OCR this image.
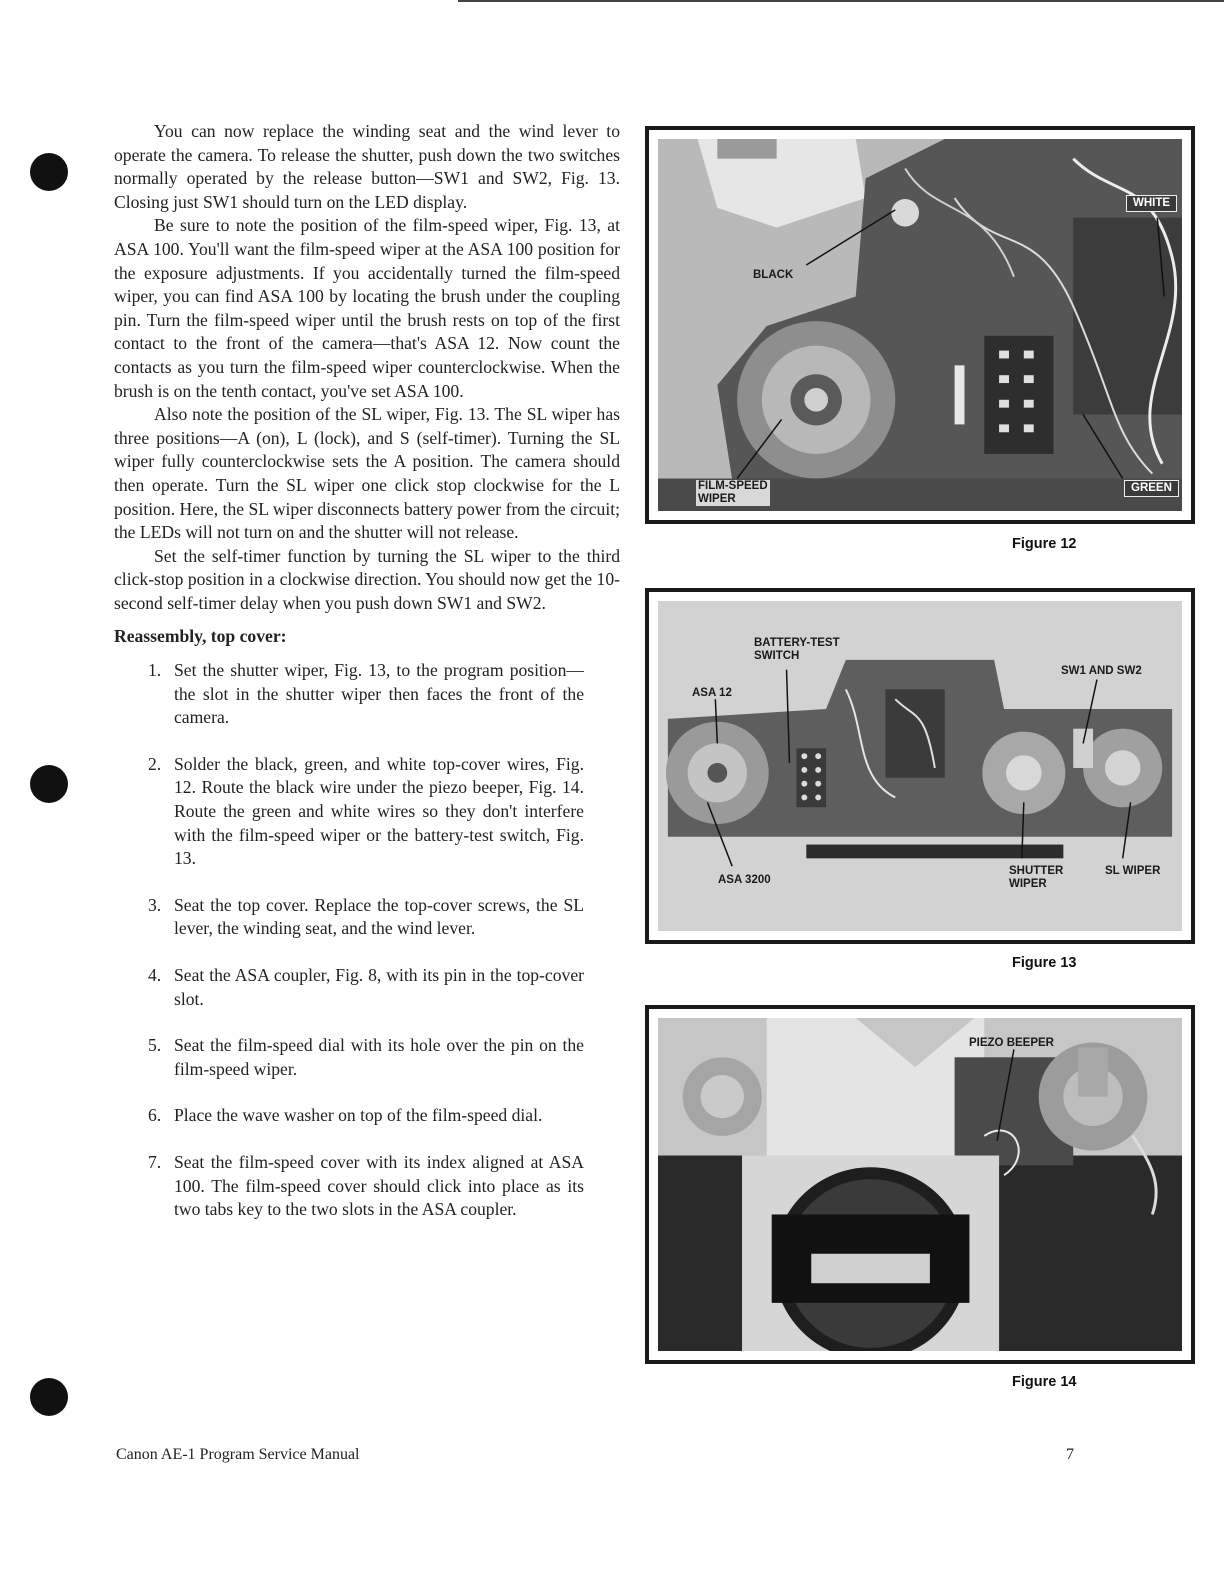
You can now replace the winding seat and the wind lever to operate the camera. To release the shutter, push down the two switches normally operated by the release button—SW1 and SW2, Fig. 13. Closing just SW1 should turn on the LED display.

Be sure to note the position of the film-speed wiper, Fig. 13, at ASA 100. You'll want the film-speed wiper at the ASA 100 position for the exposure adjustments. If you accidentally turned the film-speed wiper, you can find ASA 100 by locating the brush under the coupling pin. Turn the film-speed wiper until the brush rests on top of the first contact to the front of the camera—that's ASA 12. Now count the contacts as you turn the film-speed wiper counterclockwise. When the brush is on the tenth contact, you've set ASA 100.

Also note the position of the SL wiper, Fig. 13. The SL wiper has three positions—A (on), L (lock), and S (self-timer). Turning the SL wiper fully counterclockwise sets the A position. The camera should then operate. Turn the SL wiper one click stop clockwise for the L position. Here, the SL wiper disconnects battery power from the circuit; the LEDs will not turn on and the shutter will not release.

Set the self-timer function by turning the SL wiper to the third click-stop position in a clockwise direction. You should now get the 10-second self-timer delay when you push down SW1 and SW2.

Reassembly, top cover:
1. Set the shutter wiper, Fig. 13, to the program position—the slot in the shutter wiper then faces the front of the camera.
2. Solder the black, green, and white top-cover wires, Fig. 12. Route the black wire under the piezo beeper, Fig. 14. Route the green and white wires so they don't interfere with the film-speed wiper or the battery-test switch, Fig. 13.
3. Seat the top cover. Replace the top-cover screws, the SL lever, the winding seat, and the wind lever.
4. Seat the ASA coupler, Fig. 8, with its pin in the top-cover slot.
5. Seat the film-speed dial with its hole over the pin on the film-speed wiper.
6. Place the wave washer on top of the film-speed dial.
7. Seat the film-speed cover with its index aligned at ASA 100. The film-speed cover should click into place as its two tabs key to the two slots in the ASA coupler.
BLACK
WHITE
FILM-SPEED
WIPER
GREEN
Figure 12
BATTERY-TEST
SWITCH
ASA 12
SW1 AND SW2
ASA 3200
SHUTTER
WIPER
SL WIPER
Figure 13
PIEZO BEEPER
Figure 14
Canon AE-1 Program Service Manual	7
